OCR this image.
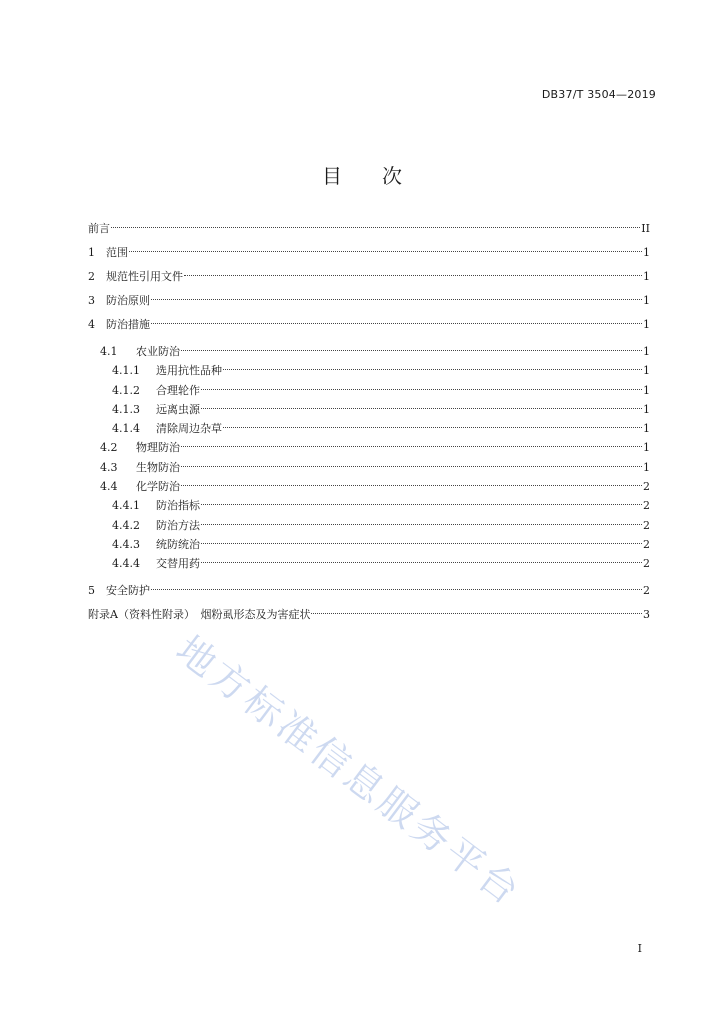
DB37/T 3504—2019
目　　次
前言	II
1	范围	1
2	规范性引用文件	1
3	防治原则	1
4	防治措施	1
4.1	农业防治	1
4.1.1	选用抗性品种	1
4.1.2	合理轮作	1
4.1.3	远离虫源	1
4.1.4	清除周边杂草	1
4.2	物理防治	1
4.3	生物防治	1
4.4	化学防治	2
4.4.1	防治指标	2
4.4.2	防治方法	2
4.4.3	统防统治	2
4.4.4	交替用药	2
5	安全防护	2
附录A（资料性附录）　烟粉虱形态及为害症状	3
地方标准信息服务平台
I
